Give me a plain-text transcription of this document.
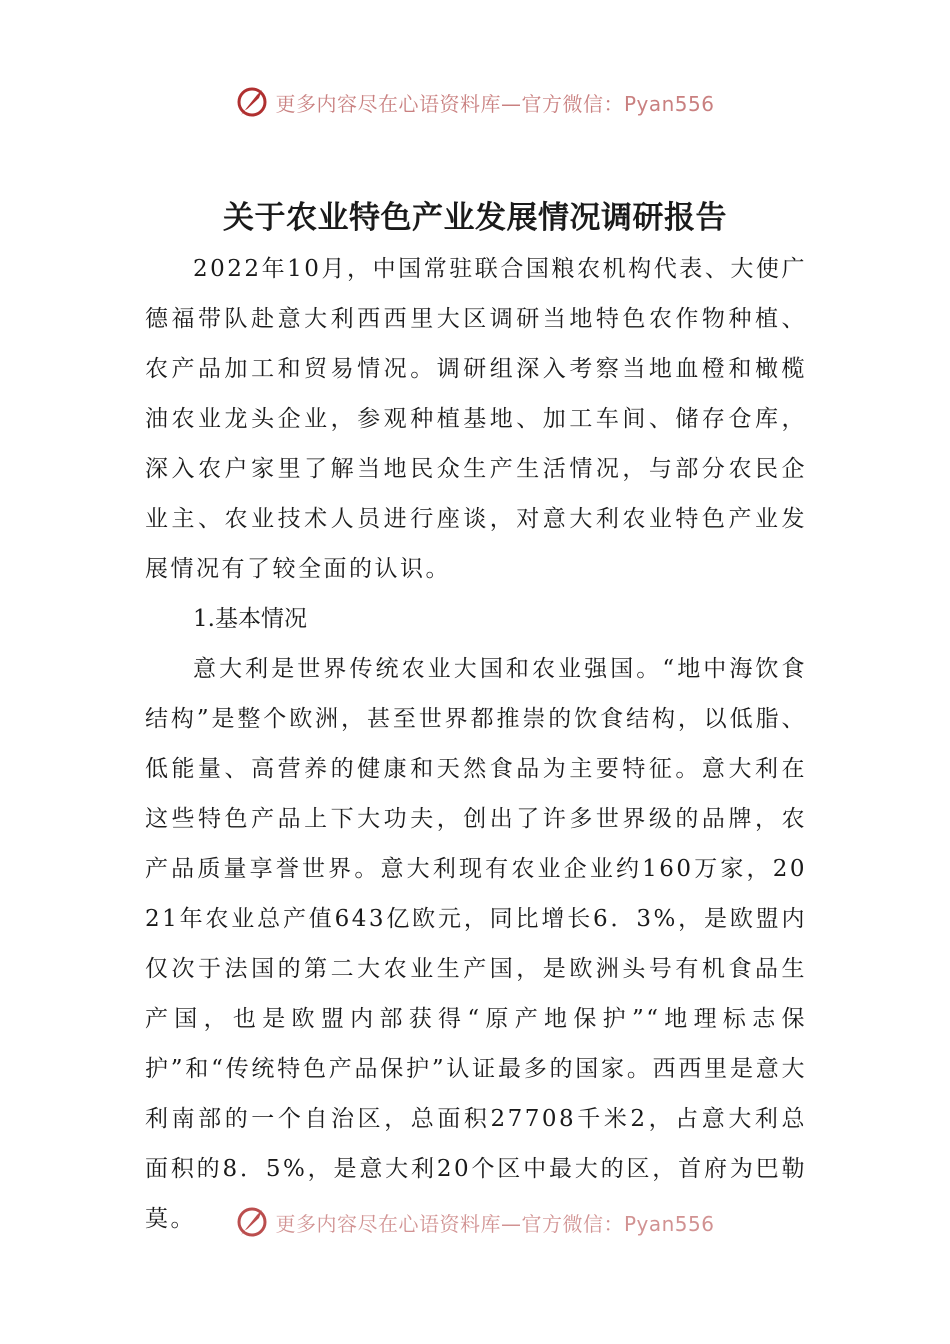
更多内容尽在心语资料库—官方微信：Pyan556
关于农业特色产业发展情况调研报告

2022年10月，中国常驻联合国粮农机构代表、大使广德福带队赴意大利西西里大区调研当地特色农作物种植、农产品加工和贸易情况。调研组深入考察当地血橙和橄榄油农业龙头企业，参观种植基地、加工车间、储存仓库，深入农户家里了解当地民众生产生活情况，与部分农民企业主、农业技术人员进行座谈，对意大利农业特色产业发展情况有了较全面的认识。

1.基本情况

意大利是世界传统农业大国和农业强国。“地中海饮食结构”是整个欧洲，甚至世界都推崇的饮食结构，以低脂、低能量、高营养的健康和天然食品为主要特征。意大利在这些特色产品上下大功夫，创出了许多世界级的品牌，农产品质量享誉世界。意大利现有农业企业约160万家，2021年农业总产值643亿欧元，同比增长6．3%，是欧盟内仅次于法国的第二大农业生产国，是欧洲头号有机食品生产国，也是欧盟内部获得“原产地保护”“地理标志保护”和“传统特色产品保护”认证最多的国家。西西里是意大利南部的一个自治区，总面积27708千米2，占意大利总面积的8．5%，是意大利20个区中最大的区，首府为巴勒莫。	更多内容尽在心语资料库—官方微信：Pyan556
